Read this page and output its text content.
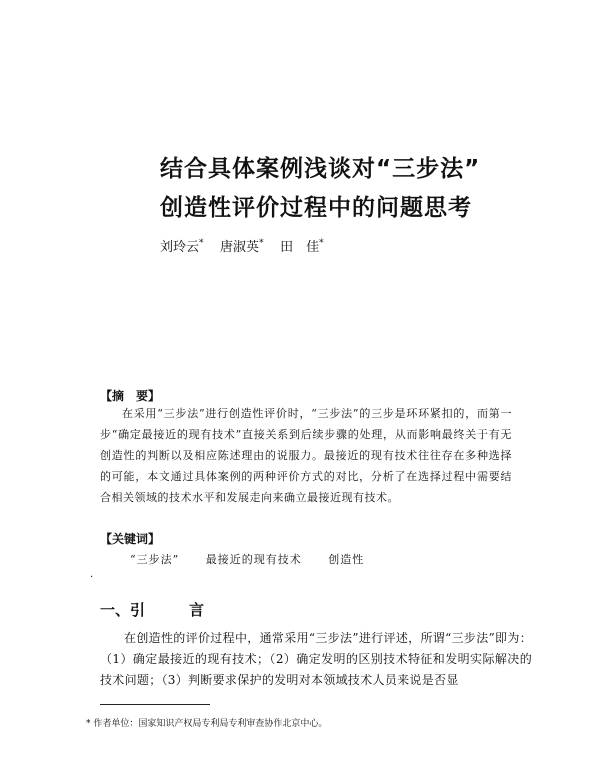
结合具体案例浅谈对“三步法”
创造性评价过程中的问题思考
刘玲云* 唐淑英* 田　佳*
【摘　要】

在采用“三步法”进行创造性评价时，“三步法”的三步是环环紧扣的，而第一步“确定最接近的现有技术”直接关系到后续步骤的处理，从而影响最终关于有无创造性的判断以及相应陈述理由的说服力。最接近的现有技术往往存在多种选择的可能，本文通过具体案例的两种评价方式的对比，分析了在选择过程中需要结合相关领域的技术水平和发展走向来确立最接近现有技术。

【关键词】
“三步法” 最接近的现有技术 创造性
·
一、引	言

在创造性的评价过程中，通常采用“三步法”进行评述，所谓“三步法”即为：（1）确定最接近的现有技术；（2）确定发明的区别技术特征和发明实际解决的技术问题；（3）判断要求保护的发明对本领域技术人员来说是否显

* 作者单位：国家知识产权局专利局专利审查协作北京中心。
